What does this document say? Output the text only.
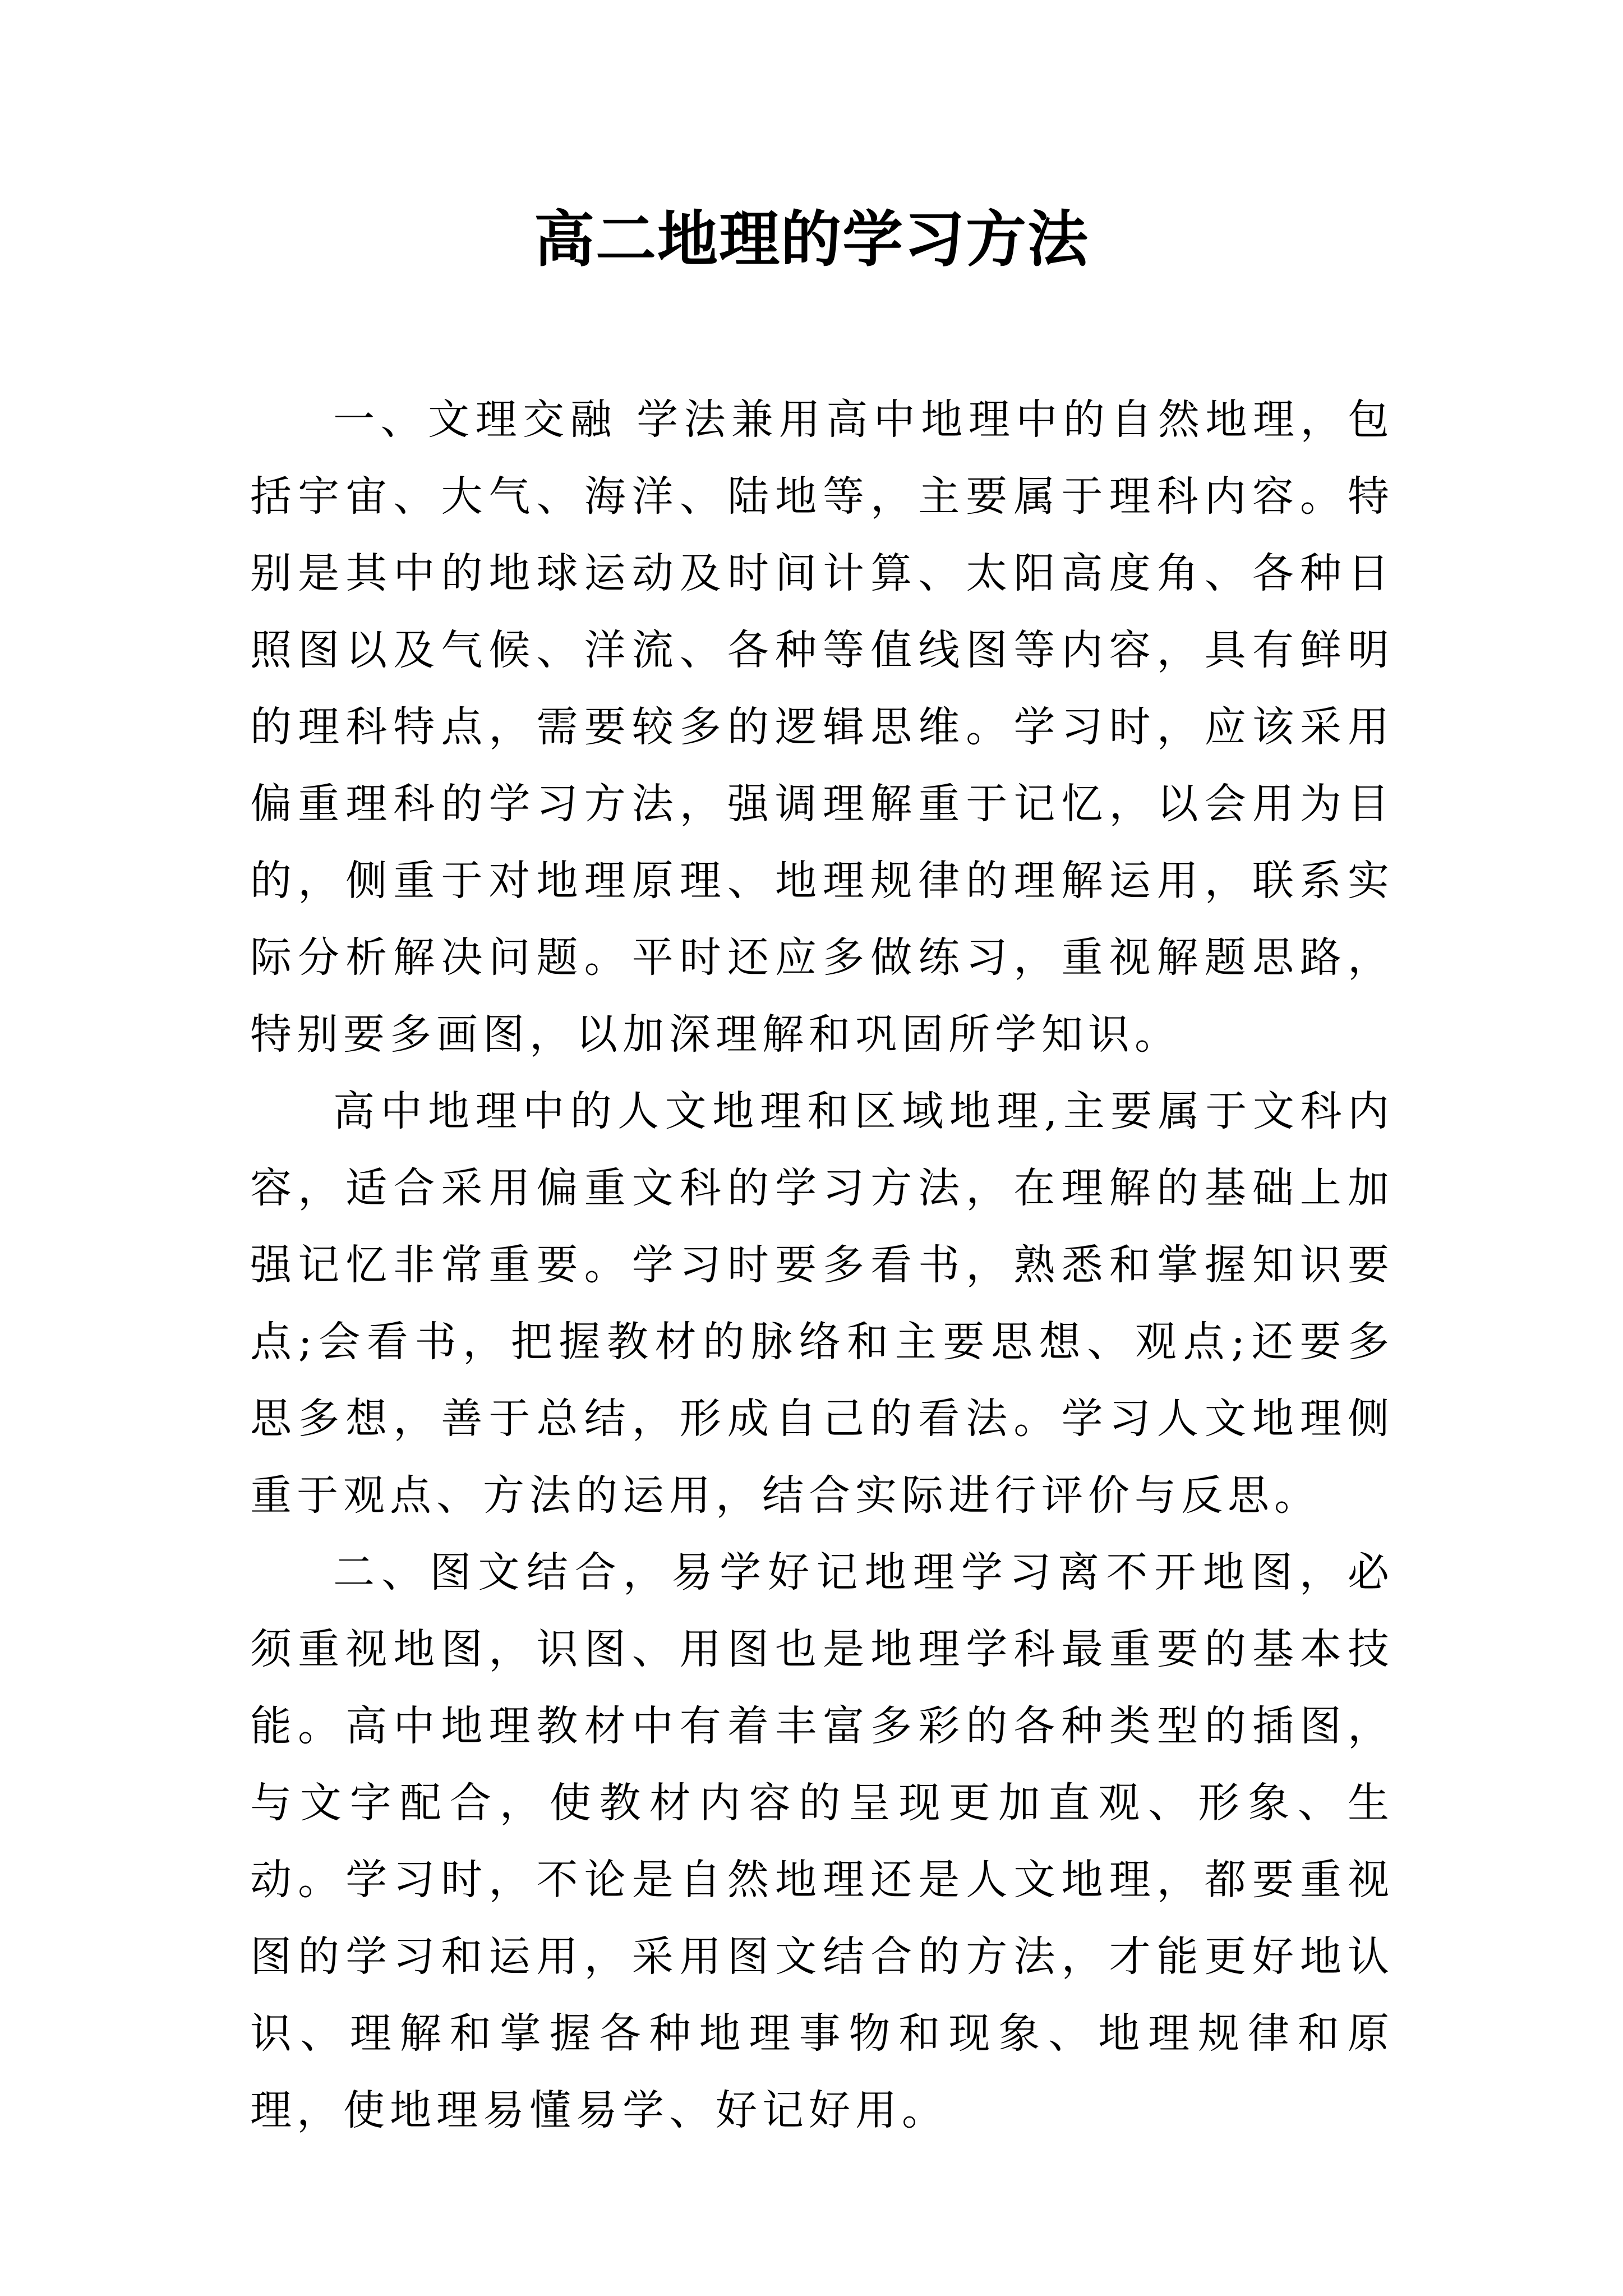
高二地理的学习方法

一、文理交融 学法兼用高中地理中的自然地理，包括宇宙、大气、海洋、陆地等，主要属于理科内容。特别是其中的地球运动及时间计算、太阳高度角、各种日照图以及气候、洋流、各种等值线图等内容，具有鲜明的理科特点，需要较多的逻辑思维。学习时，应该采用偏重理科的学习方法，强调理解重于记忆，以会用为目的，侧重于对地理原理、地理规律的理解运用，联系实际分析解决问题。平时还应多做练习，重视解题思路，特别要多画图，以加深理解和巩固所学知识。

高中地理中的人文地理和区域地理,主要属于文科内容，适合采用偏重文科的学习方法，在理解的基础上加强记忆非常重要。学习时要多看书，熟悉和掌握知识要点;会看书，把握教材的脉络和主要思想、观点;还要多思多想，善于总结，形成自己的看法。学习人文地理侧重于观点、方法的运用，结合实际进行评价与反思。

二、图文结合，易学好记地理学习离不开地图，必须重视地图，识图、用图也是地理学科最重要的基本技能。高中地理教材中有着丰富多彩的各种类型的插图，与文字配合，使教材内容的呈现更加直观、形象、生动。学习时，不论是自然地理还是人文地理，都要重视图的学习和运用，采用图文结合的方法，才能更好地认识、理解和掌握各种地理事物和现象、地理规律和原理，使地理易懂易学、好记好用。
